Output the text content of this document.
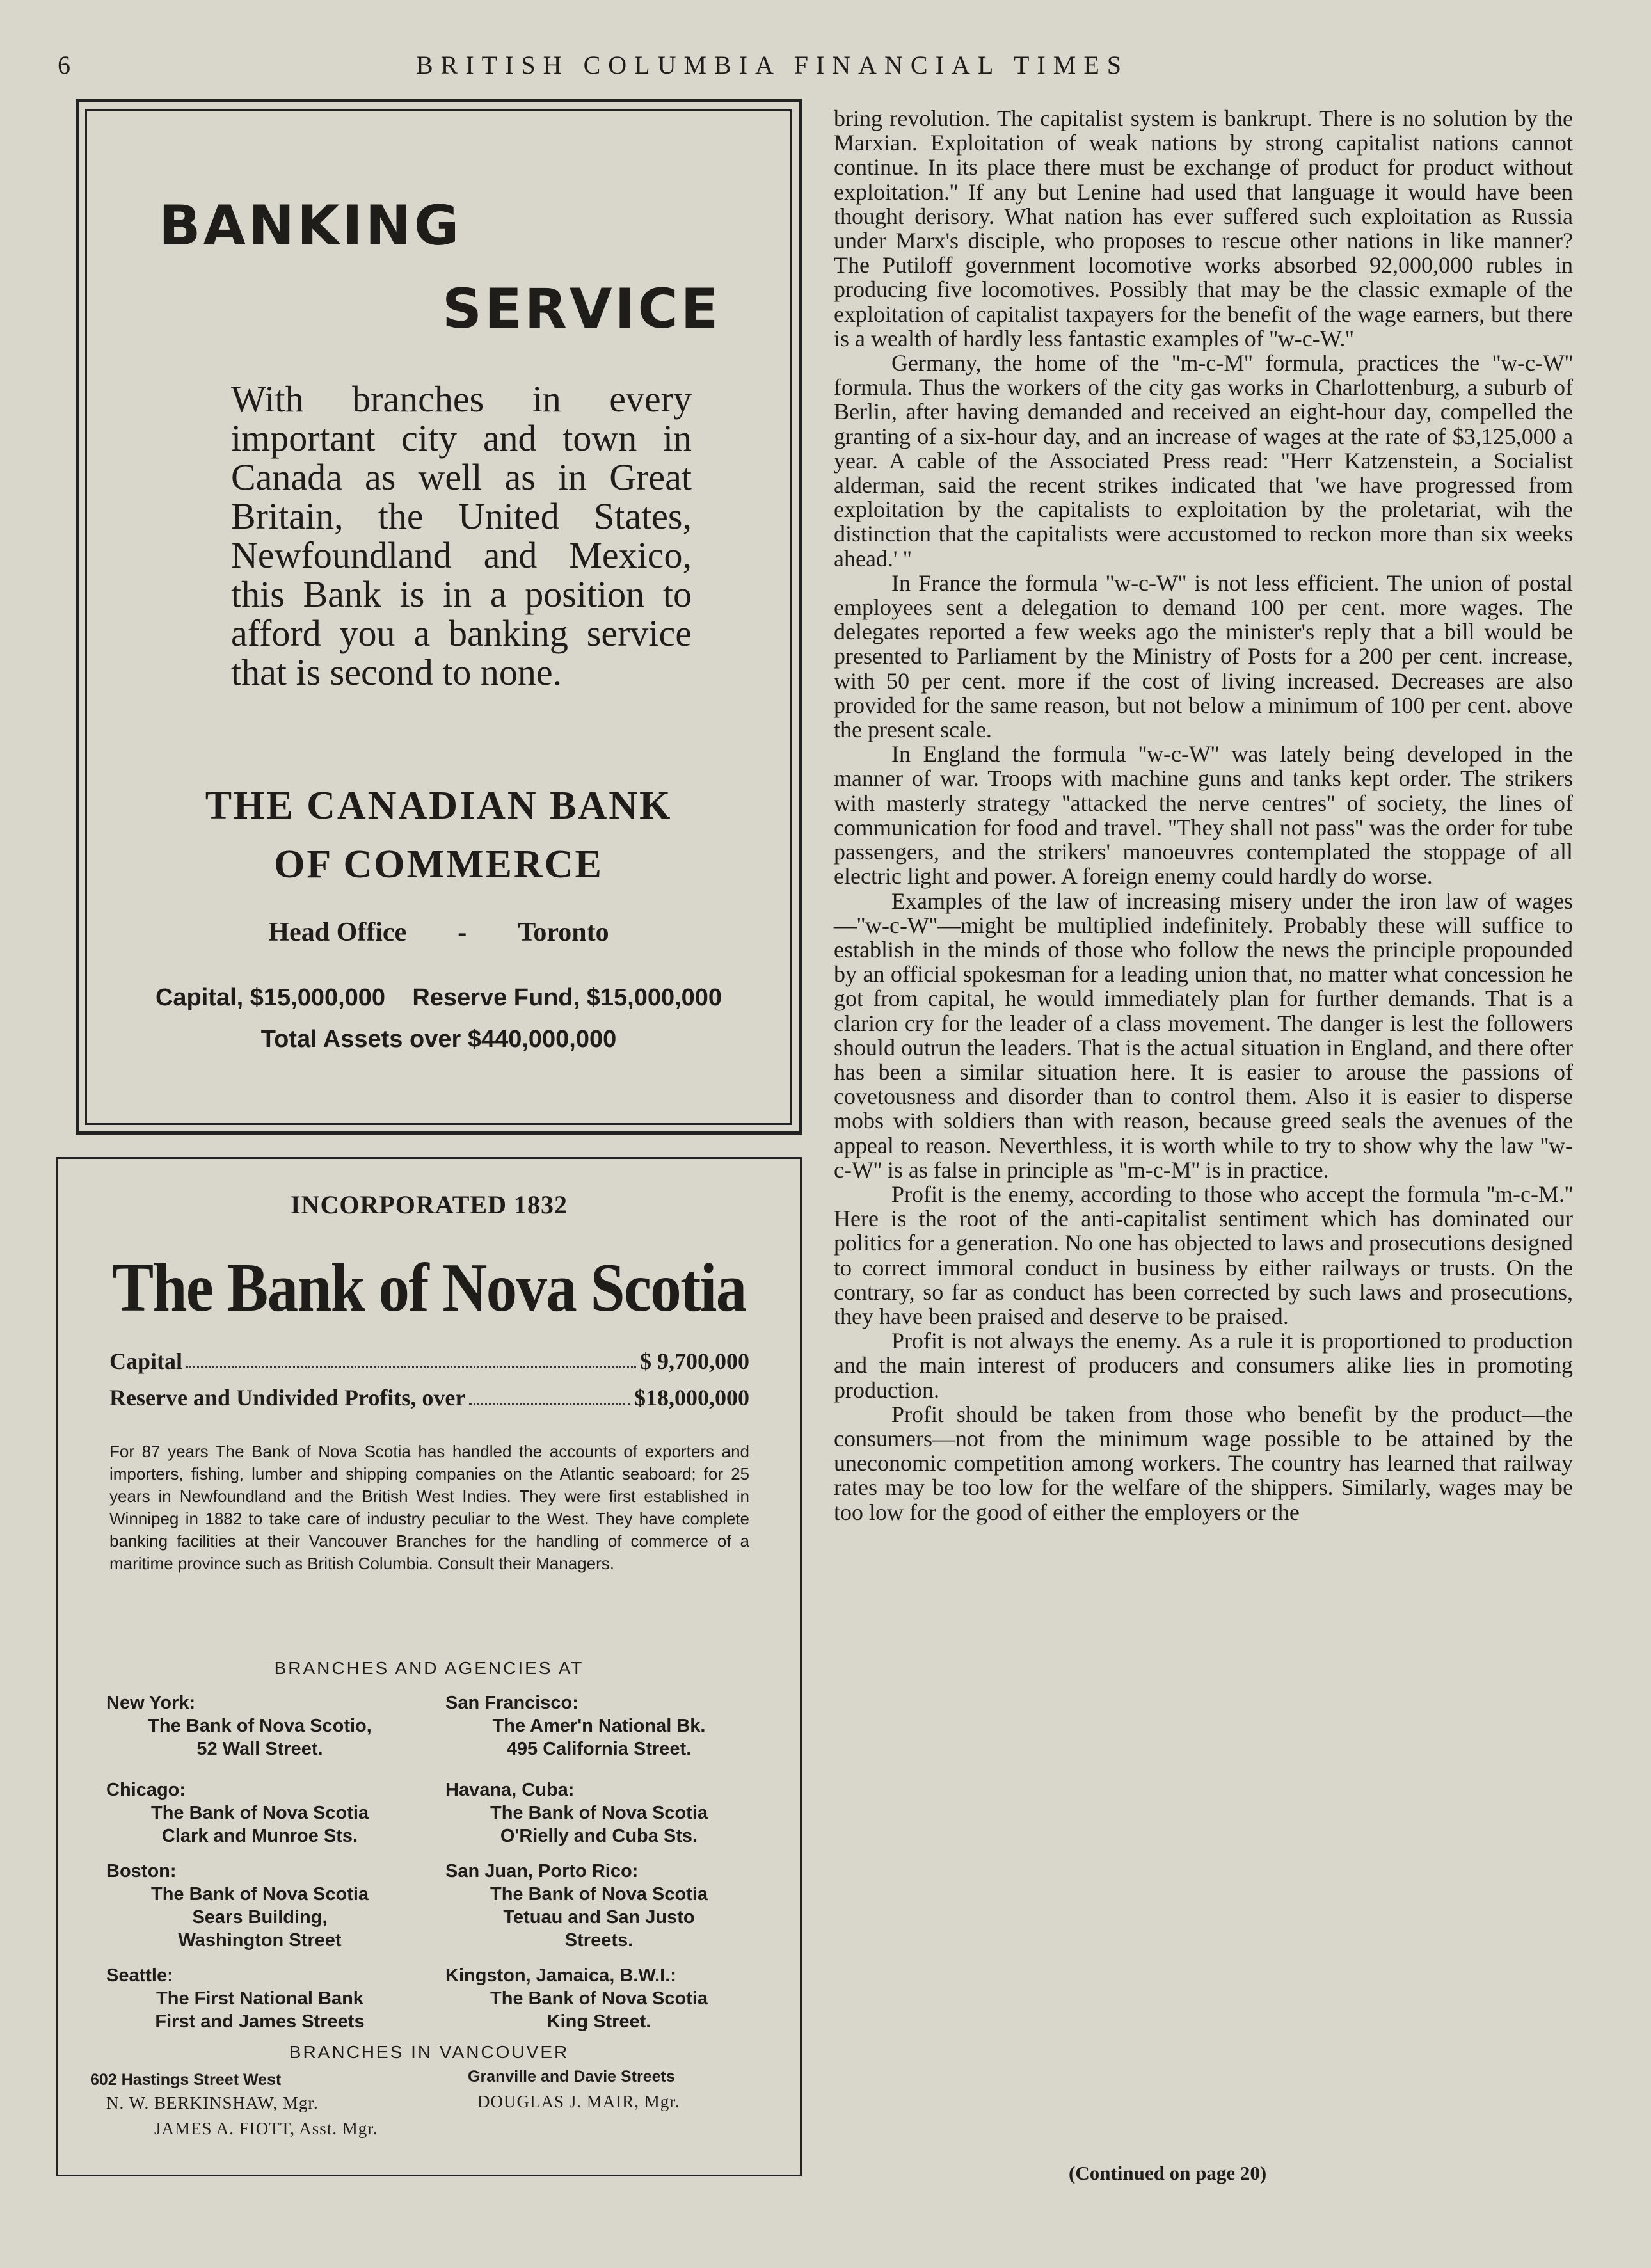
6	BRITISH COLUMBIA FINANCIAL TIMES
BANKING
SERVICE

With branches in every important city and town in Canada as well as in Great Britain, the United States, Newfoundland and Mexico, this Bank is in a position to afford you a banking service that is second to none.

THE CANADIAN BANK
OF COMMERCE
Head Office - Toronto
Capital, $15,000,000 Reserve Fund, $15,000,000
Total Assets over $440,000,000
INCORPORATED 1832
The Bank of Nova Scotia
Capital	$ 9,700,000
Reserve and Undivided Profits, over	$18,000,000
For 87 years The Bank of Nova Scotia has handled the accounts of exporters and importers, fishing, lumber and shipping companies on the Atlantic seaboard; for 25 years in Newfoundland and the British West Indies. They were first established in Winnipeg in 1882 to take care of industry peculiar to the West. They have complete banking facilities at their Vancouver Branches for the handling of commerce of a maritime province such as British Columbia. Consult their Managers.
BRANCHES AND AGENCIES AT
New York:
The Bank of Nova Scotio,
52 Wall Street.
San Francisco:
The Amer'n National Bk.
495 California Street.
Chicago:
The Bank of Nova Scotia
Clark and Munroe Sts.
Havana, Cuba:
The Bank of Nova Scotia
O'Rielly and Cuba Sts.
Boston:
The Bank of Nova Scotia
Sears Building,
Washington Street
San Juan, Porto Rico:
The Bank of Nova Scotia
Tetuau and San Justo
Streets.
Seattle:
The First National Bank
First and James Streets
Kingston, Jamaica, B.W.I.:
The Bank of Nova Scotia
King Street.
BRANCHES IN VANCOUVER
602 Hastings Street West	Granville and Davie Streets
N. W. BERKINSHAW, Mgr.	DOUGLAS J. MAIR, Mgr.
JAMES A. FIOTT, Asst. Mgr.

bring revolution. The capitalist system is bankrupt. There is no solution by the Marxian. Exploitation of weak nations by strong capitalist nations cannot continue. In its place there must be exchange of product for product without exploitation.'' If any but Lenine had used that language it would have been thought derisory. What nation has ever suffered such exploitation as Russia under Marx's disciple, who proposes to rescue other nations in like manner? The Putiloff government locomotive works absorbed 92,000,000 rubles in producing five locomotives. Possibly that may be the classic exmaple of the exploitation of capitalist taxpayers for the benefit of the wage earners, but there is a wealth of hardly less fantastic examples of ''w-c-W.''

Germany, the home of the ''m-c-M'' formula, practices the ''w-c-W'' formula. Thus the workers of the city gas works in Charlottenburg, a suburb of Berlin, after having demanded and received an eight-hour day, compelled the granting of a six-hour day, and an increase of wages at the rate of $3,125,000 a year. A cable of the Associated Press read: ''Herr Katzenstein, a Socialist alderman, said the recent strikes indicated that 'we have progressed from exploitation by the capitalists to exploitation by the proletariat, wih the distinction that the capitalists were accustomed to reckon more than six weeks ahead.' ''

In France the formula ''w-c-W'' is not less efficient. The union of postal employees sent a delegation to demand 100 per cent. more wages. The delegates reported a few weeks ago the minister's reply that a bill would be presented to Parliament by the Ministry of Posts for a 200 per cent. increase, with 50 per cent. more if the cost of living increased. Decreases are also provided for the same reason, but not below a minimum of 100 per cent. above the present scale.

In England the formula ''w-c-W'' was lately being developed in the manner of war. Troops with machine guns and tanks kept order. The strikers with masterly strategy ''attacked the nerve centres'' of society, the lines of communication for food and travel. ''They shall not pass'' was the order for tube passengers, and the strikers' manoeuvres contemplated the stoppage of all electric light and power. A foreign enemy could hardly do worse.

Examples of the law of increasing misery under the iron law of wages—''w-c-W''—might be multiplied indefinitely. Probably these will suffice to establish in the minds of those who follow the news the principle propounded by an official spokesman for a leading union that, no matter what concession he got from capital, he would immediately plan for further demands. That is a clarion cry for the leader of a class movement. The danger is lest the followers should outrun the leaders. That is the actual situation in England, and there ofter has been a similar situation here. It is easier to arouse the passions of covetousness and disorder than to control them. Also it is easier to disperse mobs with soldiers than with reason, because greed seals the avenues of the appeal to reason. Neverthless, it is worth while to try to show why the law ''w-c-W'' is as false in principle as ''m-c-M'' is in practice.

Profit is the enemy, according to those who accept the formula ''m-c-M.'' Here is the root of the anti-capitalist sentiment which has dominated our politics for a generation. No one has objected to laws and prosecutions designed to correct immoral conduct in business by either railways or trusts. On the contrary, so far as conduct has been corrected by such laws and prosecutions, they have been praised and deserve to be praised.

Profit is not always the enemy. As a rule it is proportioned to production and the main interest of producers and consumers alike lies in promoting production.

Profit should be taken from those who benefit by the product—the consumers—not from the minimum wage possible to be attained by the uneconomic competition among workers. The country has learned that railway rates may be too low for the welfare of the shippers. Similarly, wages may be too low for the good of either the employers or the

(Continued on page 20)
